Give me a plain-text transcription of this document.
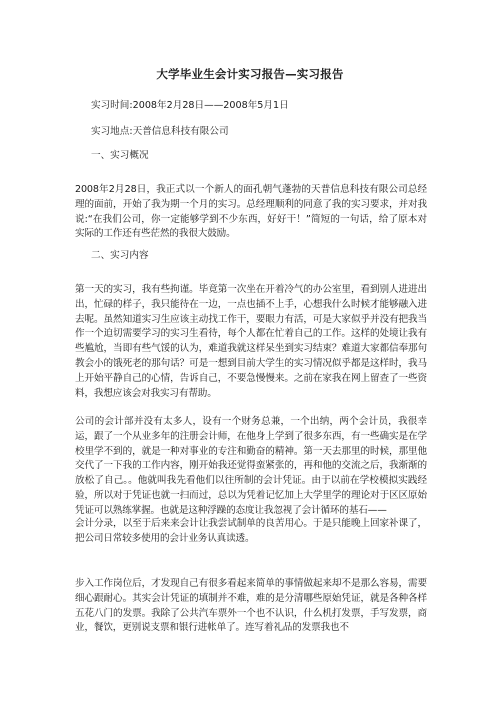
大学毕业生会计实习报告—实习报告
实习时间:2008年2月28日——2008年5月1日
实习地点:天普信息科技有限公司
一、实习概况
2008年2月28日，我正式以一个新人的面孔朝气蓬勃的天普信息科技有限公司总经理的面前，开始了我为期一个月的实习。总经理顺利的同意了我的实习要求，并对我说:“在我们公司，你一定能够学到不少东西，好好干！”简短的一句话，给了原本对实际的工作还有些茫然的我很大鼓励。
二、实习内容
第一天的实习，我有些拘谨。毕竟第一次坐在开着冷气的办公室里，看到别人进进出出，忙碌的样子，我只能待在一边，一点也插不上手，心想我什么时候才能够融入进去呢。虽然知道实习生应该主动找工作干，要眼力有活，可是大家似乎并没有把我当作一个迫切需要学习的实习生看待，每个人都在忙着自己的工作。这样的处境让我有些尴尬，当即有些气馁的认为，难道我就这样呆坐到实习结束？难道大家都信奉那句教会小的饿死老的那句话？可是一想到目前大学生的实习情况似乎都是这样时，我马上开始平静自己的心情，告诉自己，不要急慢慢来。之前在家我在网上留查了一些资料，我想应该会对我实习有帮助。
公司的会计部并没有太多人，设有一个财务总兼，一个出纳，两个会计员，我很幸运，跟了一个从业多年的注册会计师，在他身上学到了很多东西，有一些确实是在学校里学不到的，就是一种对事业的专注和勤奋的精神。第一天去那里的时候，那里他交代了一下我的工作内容，刚开始我还觉得蛮紧张的，再和他的交流之后，我渐渐的放松了自己。。他就叫我先看他们以往所制的会计凭证。由于以前在学校模拟实践经验，所以对于凭证也就一扫而过，总以为凭着记忆加上大学里学的理论对于区区原始凭证可以熟练掌握。也就是这种浮躁的态度让我忽视了会计循环的基石——
会计分录，以至于后来来会计让我尝试制单的良苦用心。于是只能晚上回家补课了，把公司日常较多使用的会计业务认真读透。
步入工作岗位后，才发现自己有很多看起来简单的事情做起来却不是那么容易，需要细心跟耐心。其实会计凭证的填制并不难，难的是分清哪些原始凭证，就是各种各样五花八门的发票。我除了公共汽车票外一个也不认识，什么机打发票，手写发票，商业，餐饮，更别说支票和银行进帐单了。连写着礼品的发票我也不
